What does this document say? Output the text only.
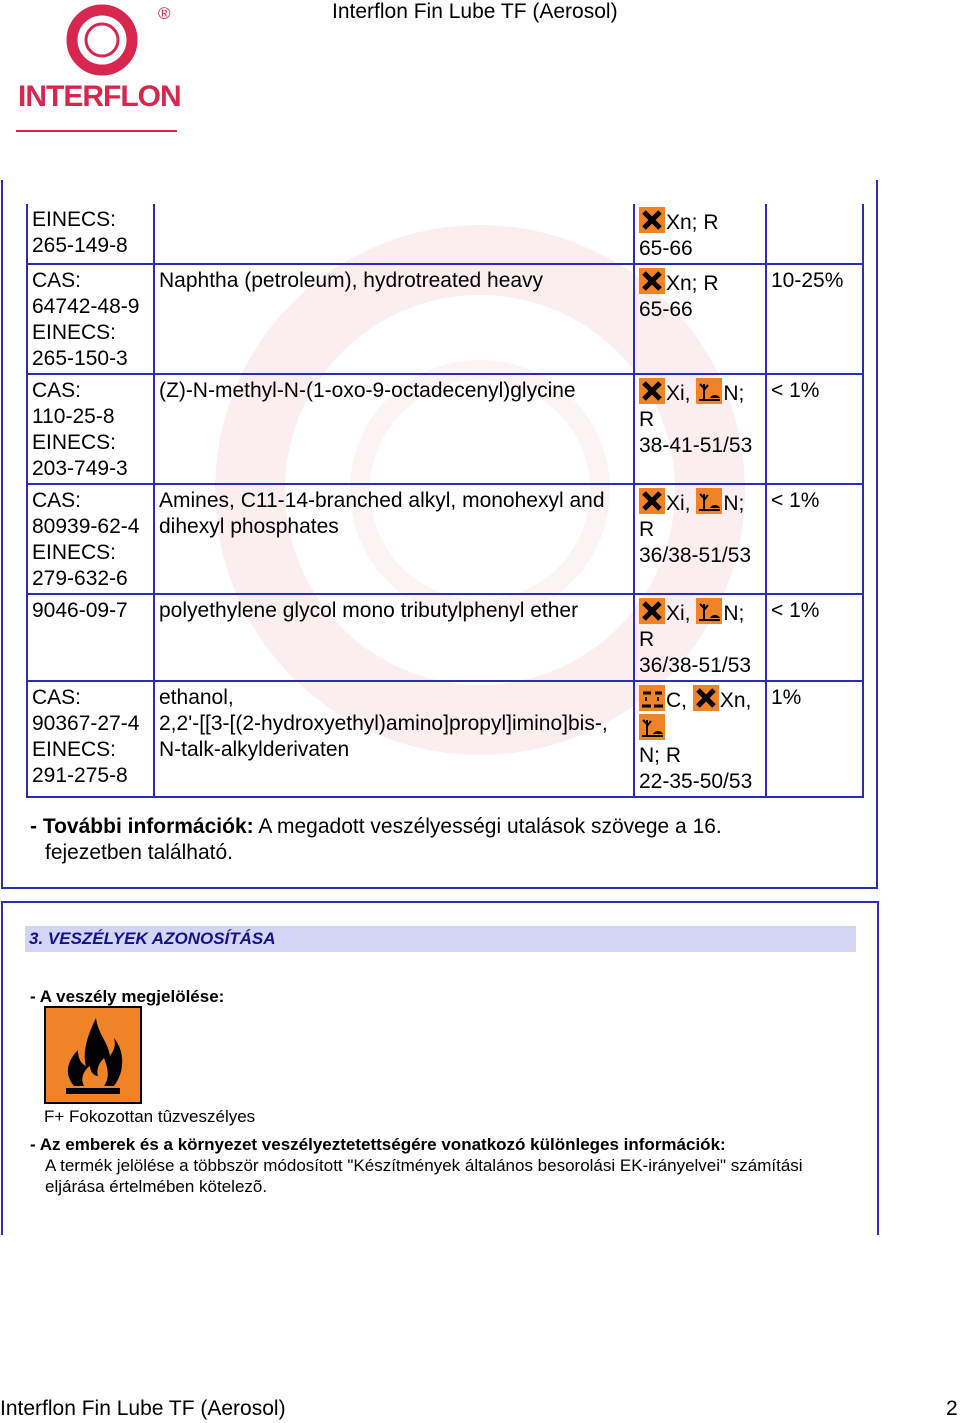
Interflon Fin Lube TF (Aerosol)
®
INTERFLON
EINECS:
265-149-8		Xn; R
65-66	
CAS:
64742-48-9
EINECS:
265-150-3	Naphtha (petroleum), hydrotreated heavy	Xn; R
65-66	10-25%
CAS:
110-25-8
EINECS:
203-749-3	(Z)-N-methyl-N-(1-oxo-9-octadecenyl)glycine	Xi, N; R
38-41-51/53	< 1%
CAS:
80939-62-4
EINECS:
279-632-6	Amines, C11-14-branched alkyl, monohexyl and dihexyl phosphates	Xi, N; R
36/38-51/53	< 1%
9046-09-7	polyethylene glycol mono tributylphenyl ether	Xi, N; R
36/38-51/53	< 1%
CAS:
90367-27-4
EINECS:
291-275-8	ethanol,
2,2'-[[3-[(2-hydroxyethyl)amino]propyl]imino]bis-,
N-talk-alkylderivaten	C, Xn,
N; R
22-35-50/53	1%
- További információk: A megadott veszélyességi utalások szövege a 16.
fejezetben található.
3. VESZÉLYEK AZONOSÍTÁSA
- A veszély megjelölése:
F+ Fokozottan tûzveszélyes
- Az emberek és a környezet veszélyeztetettségére vonatkozó különleges információk:
A termék jelölése a többször módosított "Készítmények általános besorolási EK-irányelvei" számítási
eljárása értelmében kötelezõ.
Interflon Fin Lube TF (Aerosol)	2
